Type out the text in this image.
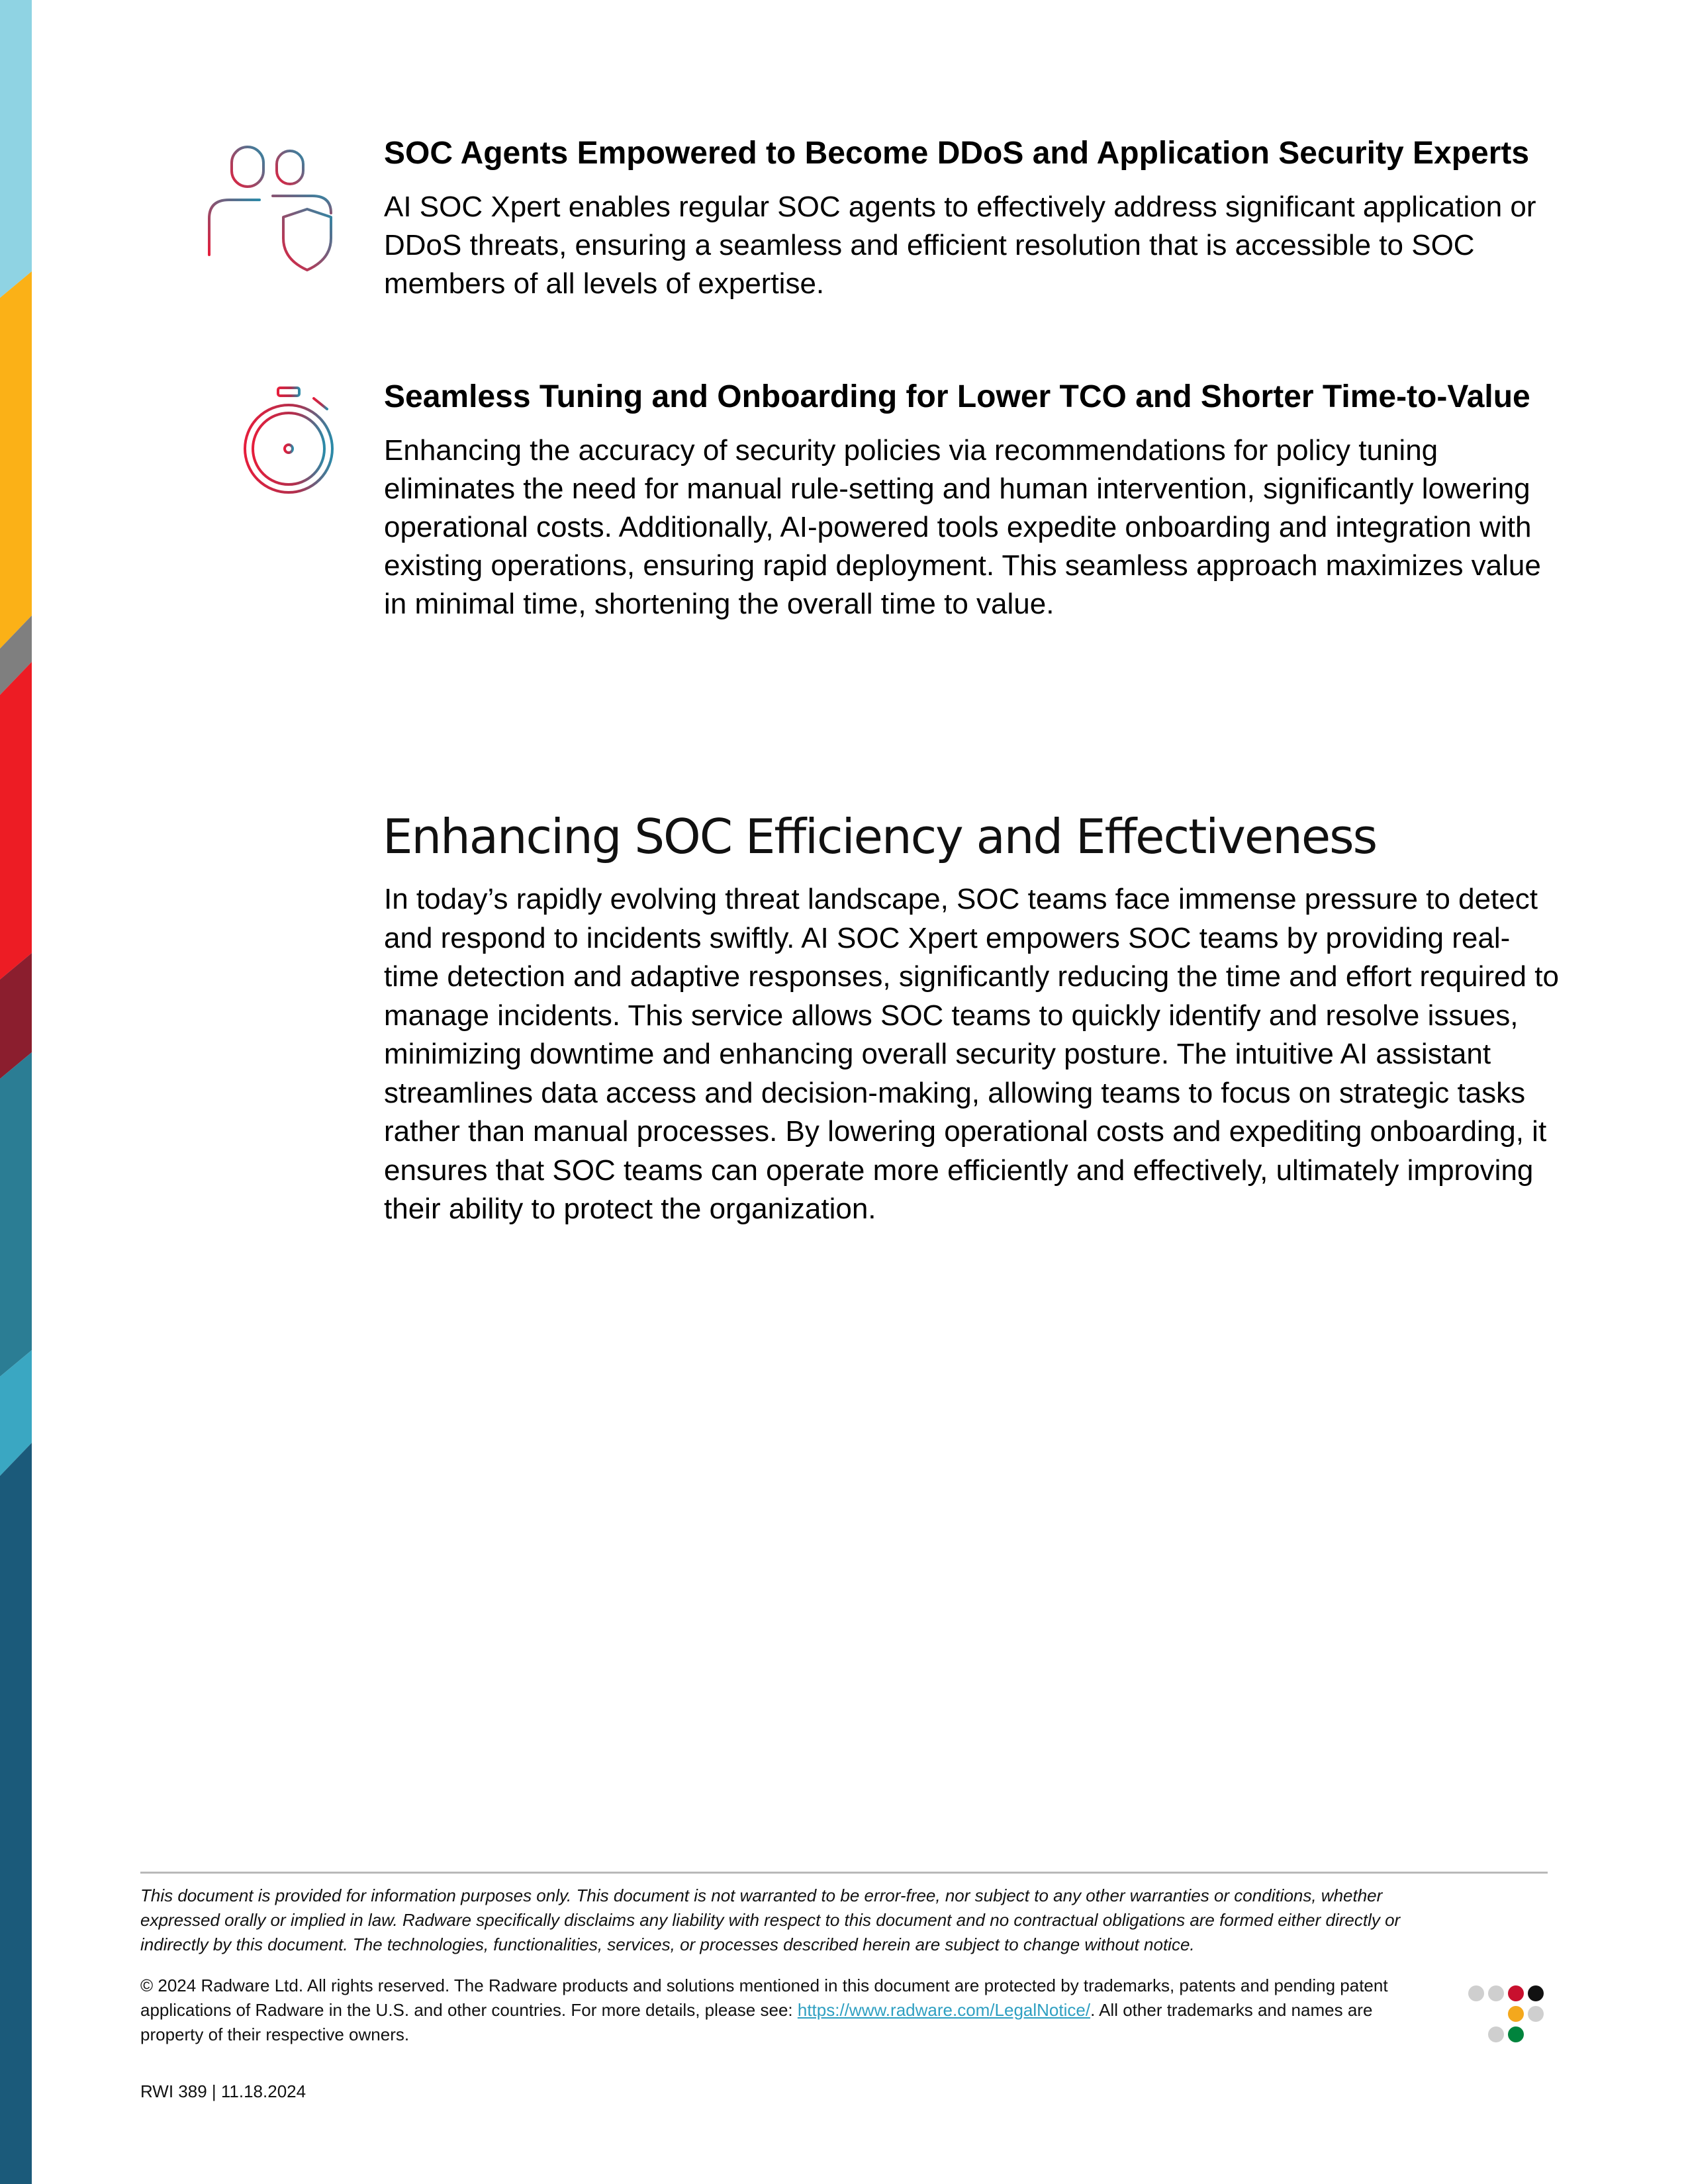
SOC Agents Empowered to Become DDoS and Application Security Experts

AI SOC Xpert enables regular SOC agents to effectively address significant application or DDoS threats, ensuring a seamless and efficient resolution that is accessible to SOC members of all levels of expertise.

Seamless Tuning and Onboarding for Lower TCO and Shorter Time-to-Value

Enhancing the accuracy of security policies via recommendations for policy tuning eliminates the need for manual rule-setting and human intervention, significantly lowering operational costs. Additionally, AI-powered tools expedite onboarding and integration with existing operations, ensuring rapid deployment. This seamless approach maximizes value in minimal time, shortening the overall time to value.

Enhancing SOC Efficiency and Effectiveness

In today’s rapidly evolving threat landscape, SOC teams face immense pressure to detect and respond to incidents swiftly. AI SOC Xpert empowers SOC teams by providing real-time detection and adaptive responses, significantly reducing the time and effort required to manage incidents. This service allows SOC teams to quickly identify and resolve issues, minimizing downtime and enhancing overall security posture. The intuitive AI assistant streamlines data access and decision-making, allowing teams to focus on strategic tasks rather than manual processes. By lowering operational costs and expediting onboarding, it ensures that SOC teams can operate more efficiently and effectively, ultimately improving their ability to protect the organization.

This document is provided for information purposes only. This document is not warranted to be error-free, nor subject to any other warranties or conditions, whether expressed orally or implied in law. Radware specifically disclaims any liability with respect to this document and no contractual obligations are formed either directly or indirectly by this document. The technologies, functionalities, services, or processes described herein are subject to change without notice.

© 2024 Radware Ltd. All rights reserved. The Radware products and solutions mentioned in this document are protected by trademarks, patents and pending patent applications of Radware in the U.S. and other countries. For more details, please see: https://www.radware.com/LegalNotice/. All other trademarks and names are property of their respective owners.

RWI 389 | 11.18.2024
